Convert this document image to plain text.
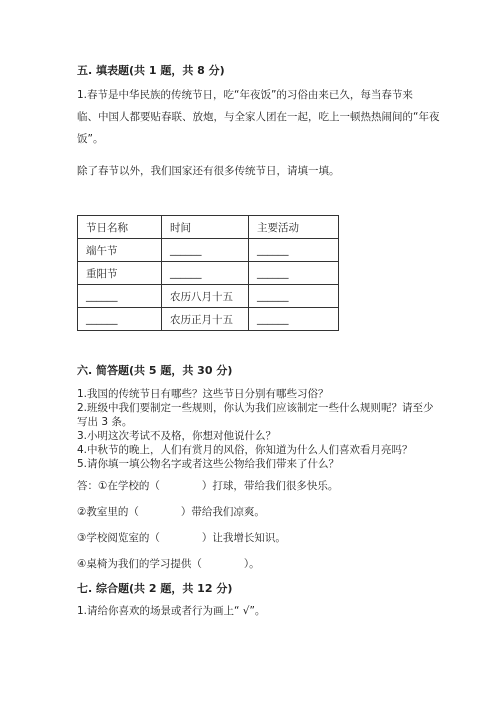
五. 填表题(共 1 题，共 8 分)
1.春节是中华民族的传统节日，吃“年夜饭”的习俗由来已久，每当春节来
临、中国人都要贴春联、放炮，与全家人团在一起，吃上一顿热热闹间的“年夜
饭”。
除了春节以外，我们国家还有很多传统节日，请填一填。
节日名称	时间	主要活动
端午节	______	______
重阳节	______	______
______	农历八月十五	______
______	农历正月十五	______
六. 简答题(共 5 题，共 30 分)
1.我国的传统节日有哪些？这些节日分别有哪些习俗？
2.班级中我们要制定一些规则，你认为我们应该制定一些什么规则呢？请至少
写出 3 条。
3.小明这次考试不及格，你想对他说什么？
4.中秋节的晚上，人们有赏月的风俗，你知道为什么人们喜欢看月亮吗？
5.请你填一填公物名字或者这些公物给我们带来了什么？
答：①在学校的（　　　　）打球，带给我们很多快乐。
②教室里的（　　　　）带给我们凉爽。
③学校阅览室的（　　　　）让我增长知识。
④桌椅为我们的学习提供（　　　　）。
七. 综合题(共 2 题，共 12 分)
1.请给你喜欢的场景或者行为画上“ √”。
